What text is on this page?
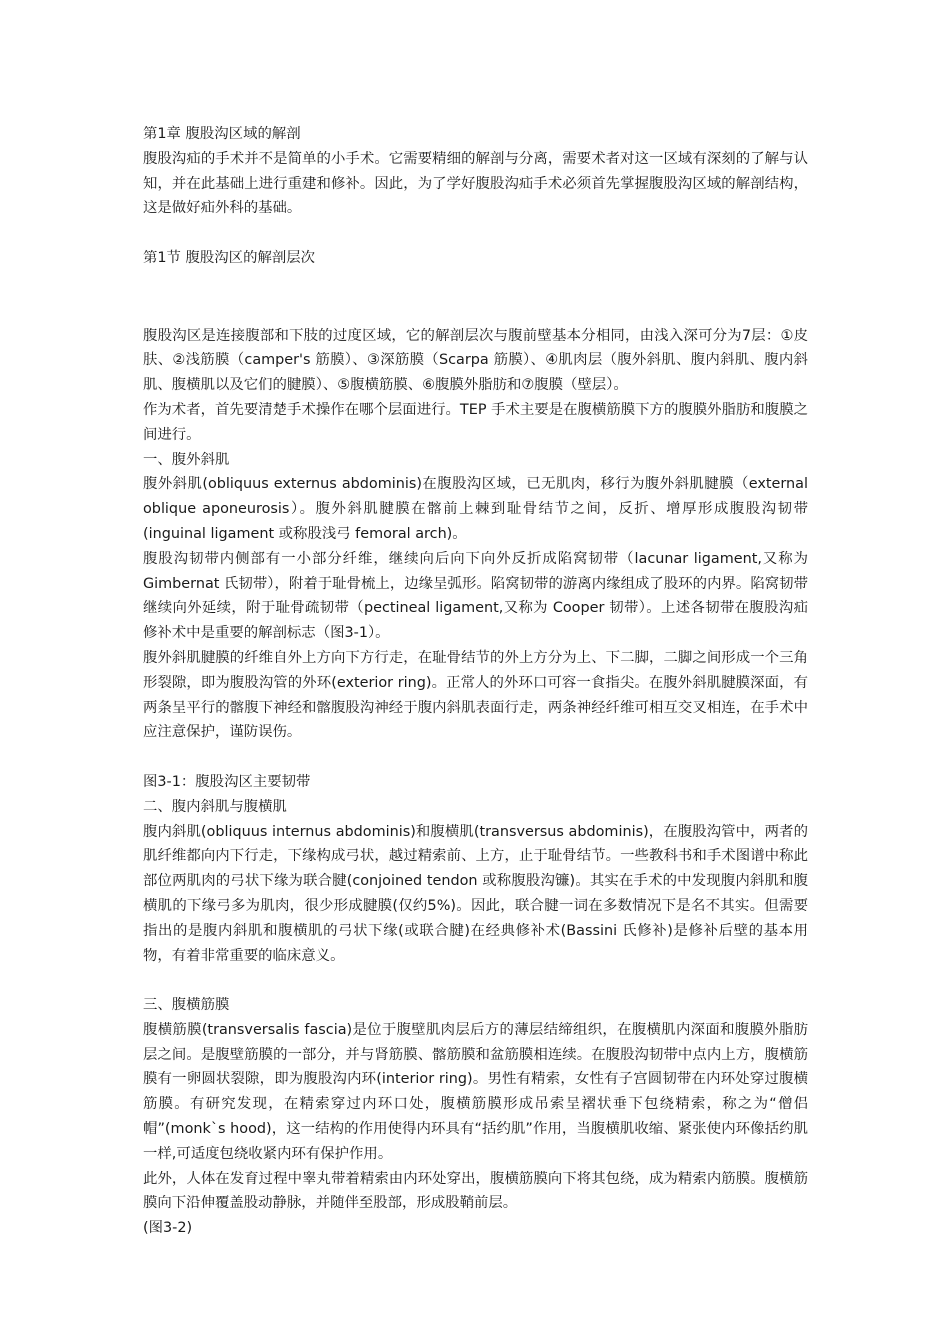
第1章 腹股沟区域的解剖

腹股沟疝的手术并不是简单的小手术。它需要精细的解剖与分离，需要术者对这一区域有深刻的了解与认知，并在此基础上进行重建和修补。因此，为了学好腹股沟疝手术必须首先掌握腹股沟区域的解剖结构，这是做好疝外科的基础。

第1节 腹股沟区的解剖层次

腹股沟区是连接腹部和下肢的过度区域，它的解剖层次与腹前壁基本分相同，由浅入深可分为7层：①皮肤、②浅筋膜（camper's 筋膜）、③深筋膜（Scarpa 筋膜）、④肌肉层（腹外斜肌、腹内斜肌、腹内斜肌、腹横肌以及它们的腱膜）、⑤腹横筋膜、⑥腹膜外脂肪和⑦腹膜（壁层）。

作为术者，首先要清楚手术操作在哪个层面进行。TEP 手术主要是在腹横筋膜下方的腹膜外脂肪和腹膜之间进行。

一、腹外斜肌

腹外斜肌(obliquus externus abdominis)在腹股沟区域，已无肌肉，移行为腹外斜肌腱膜（external oblique aponeurosis）。腹外斜肌腱膜在髂前上棘到耻骨结节之间，反折、增厚形成腹股沟韧带(inguinal ligament 或称股浅弓 femoral arch)。

腹股沟韧带内侧部有一小部分纤维，继续向后向下向外反折成陷窝韧带（lacunar ligament,又称为 Gimbernat 氏韧带），附着于耻骨梳上，边缘呈弧形。陷窝韧带的游离内缘组成了股环的内界。陷窝韧带继续向外延续，附于耻骨疏韧带（pectineal ligament,又称为 Cooper 韧带）。上述各韧带在腹股沟疝修补术中是重要的解剖标志（图3-1）。

腹外斜肌腱膜的纤维自外上方向下方行走，在耻骨结节的外上方分为上、下二脚，二脚之间形成一个三角形裂隙，即为腹股沟管的外环(exterior ring)。正常人的外环口可容一食指尖。在腹外斜肌腱膜深面，有两条呈平行的髂腹下神经和髂腹股沟神经于腹内斜肌表面行走，两条神经纤维可相互交叉相连，在手术中应注意保护，谨防误伤。

图3-1：腹股沟区主要韧带

二、腹内斜肌与腹横肌

腹内斜肌(obliquus internus abdominis)和腹横肌(transversus abdominis)，在腹股沟管中，两者的肌纤维都向内下行走，下缘构成弓状，越过精索前、上方，止于耻骨结节。一些教科书和手术图谱中称此部位两肌肉的弓状下缘为联合腱(conjoined tendon 或称腹股沟镰)。其实在手术的中发现腹内斜肌和腹横肌的下缘弓多为肌肉，很少形成腱膜(仅约5%)。因此，联合腱一词在多数情况下是名不其实。但需要指出的是腹内斜肌和腹横肌的弓状下缘(或联合腱)在经典修补术(Bassini 氏修补)是修补后壁的基本用物，有着非常重要的临床意义。

三、腹横筋膜

腹横筋膜(transversalis fascia)是位于腹壁肌肉层后方的薄层结缔组织，在腹横肌内深面和腹膜外脂肪层之间。是腹壁筋膜的一部分，并与肾筋膜、髂筋膜和盆筋膜相连续。在腹股沟韧带中点内上方，腹横筋膜有一卵圆状裂隙，即为腹股沟内环(interior ring)。男性有精索，女性有子宫圆韧带在内环处穿过腹横筋膜。有研究发现，在精索穿过内环口处，腹横筋膜形成吊索呈褶状垂下包绕精索，称之为“僧侣帽”(monk`s hood)，这一结构的作用使得内环具有“括约肌”作用，当腹横肌收缩、紧张使内环像括约肌一样,可适度包绕收紧内环有保护作用。

此外，人体在发育过程中睾丸带着精索由内环处穿出，腹横筋膜向下将其包绕，成为精索内筋膜。腹横筋膜向下沿伸覆盖股动静脉，并随伴至股部，形成股鞘前层。

(图3-2)
